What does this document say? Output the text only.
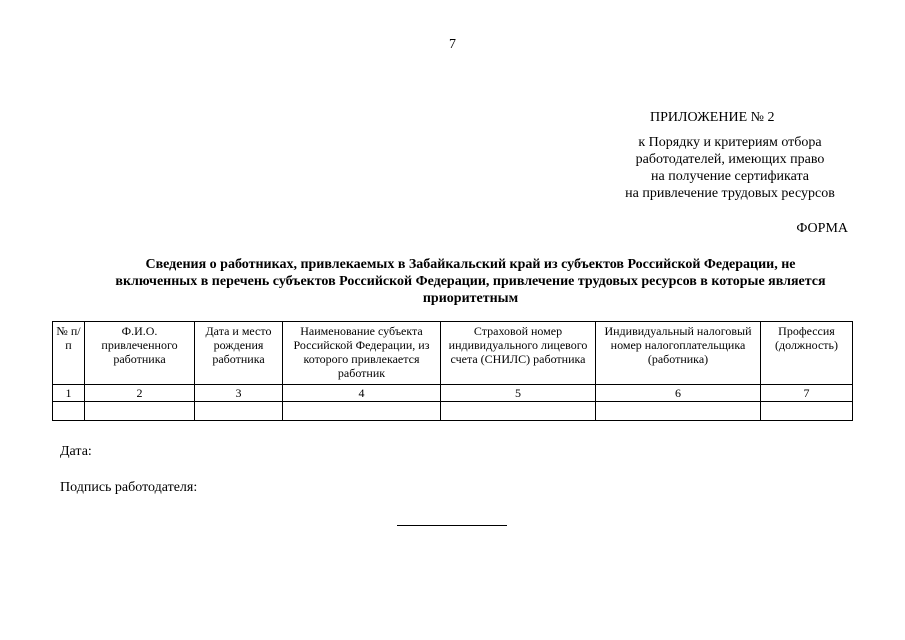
7
ПРИЛОЖЕНИЕ № 2
к Порядку и критериям отбора
работодателей, имеющих право
на получение сертификата
на привлечение трудовых ресурсов
ФОРМА
Сведения о работниках, привлекаемых в Забайкальский край из субъектов Российской Федерации, не
включенных в перечень субъектов Российской Федерации, привлечение трудовых ресурсов в которые является
приоритетным
№ п/п	Ф.И.О. привлеченного работника	Дата и место рождения работника	Наименование субъекта Российской Федерации, из которого привлекается работник	Страховой номер индивидуального лицевого счета (СНИЛС) работника	Индивидуальный налоговый номер налогоплательщика (работника)	Профессия (должность)
1	2	3	4	5	6	7

Дата:
Подпись работодателя:
